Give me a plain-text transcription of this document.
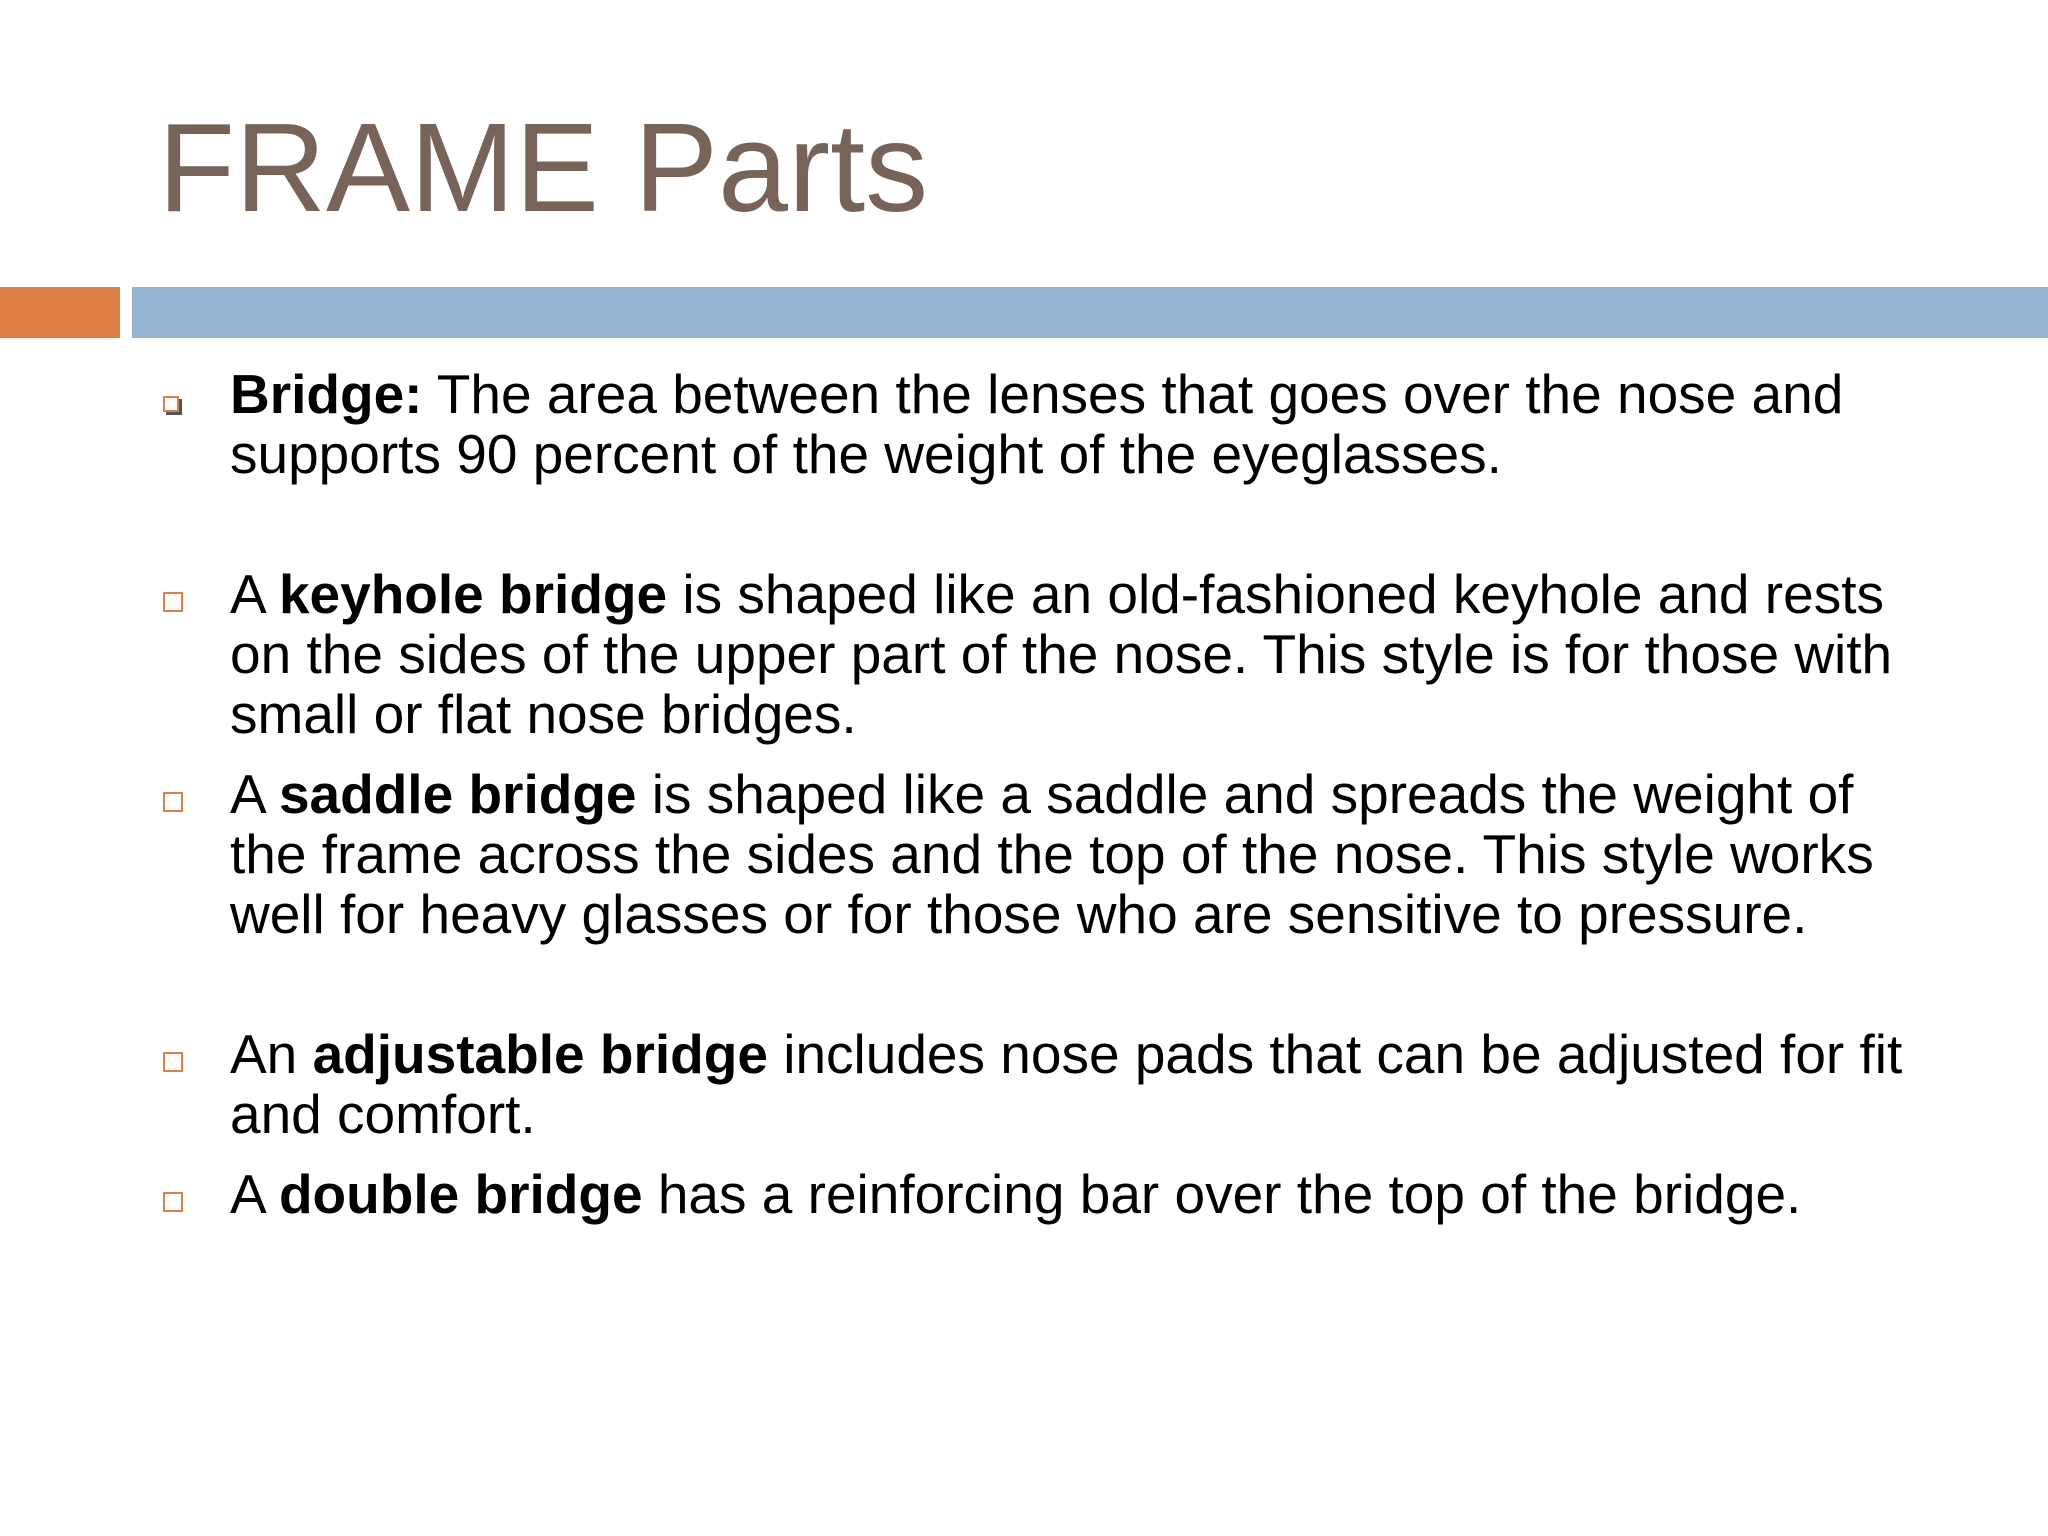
FRAME Parts

Bridge: The area between the lenses that goes over the nose and supports 90 percent of the weight of the eyeglasses.

A keyhole bridge is shaped like an old-fashioned keyhole and rests on the sides of the upper part of the nose. This style is for those with small or flat nose bridges.

A saddle bridge is shaped like a saddle and spreads the weight of the frame across the sides and the top of the nose. This style works well for heavy glasses or for those who are sensitive to pressure.

An adjustable bridge includes nose pads that can be adjusted for fit and comfort.

A double bridge has a reinforcing bar over the top of the bridge.
